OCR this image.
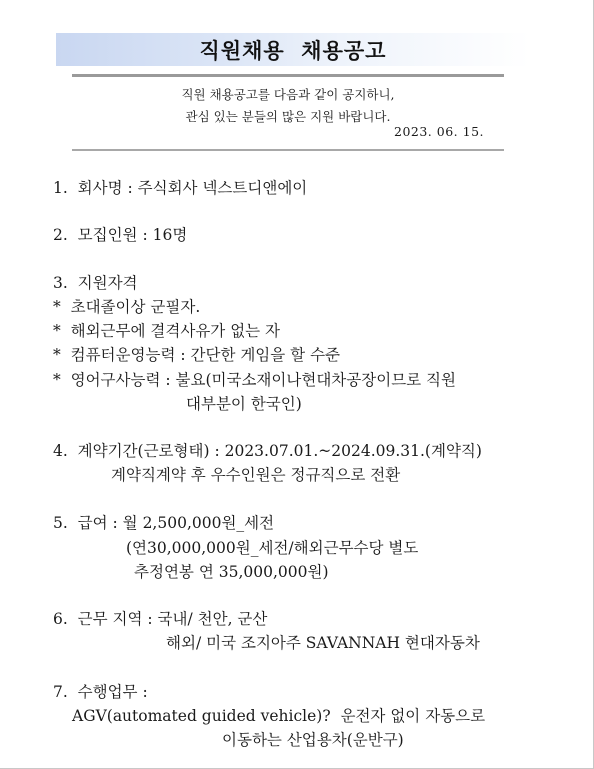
직원채용  채용공고
직원 채용공고를 다음과 같이 공지하니,
관심 있는 분들의 많은 지원 바랍니다.
2023. 06. 15.
1.  회사명 : 주식회사 넥스트디앤에이
2.  모집인원 : 16명
3.  지원자격
*  초대졸이상 군필자.
*  해외근무에 결격사유가 없는 자
*  컴퓨터운영능력 : 간단한 게임을 할 수준
*  영어구사능력 : 불요(미국소재이나현대차공장이므로 직원
대부분이 한국인)
4.  계약기간(근로형태) : 2023.07.01.~2024.09.31.(계약직)
계약직계약 후 우수인원은 정규직으로 전환
5.  급여 : 월 2,500,000원_세전
(연30,000,000원_세전/해외근무수당 별도
추정연봉 연 35,000,000원)
6.  근무 지역 : 국내/ 천안, 군산
해외/ 미국 조지아주 SAVANNAH 현대자동차
7.  수행업무 :
AGV(automated guided vehicle)?  운전자 없이 자동으로
이동하는 산업용차(운반구)
